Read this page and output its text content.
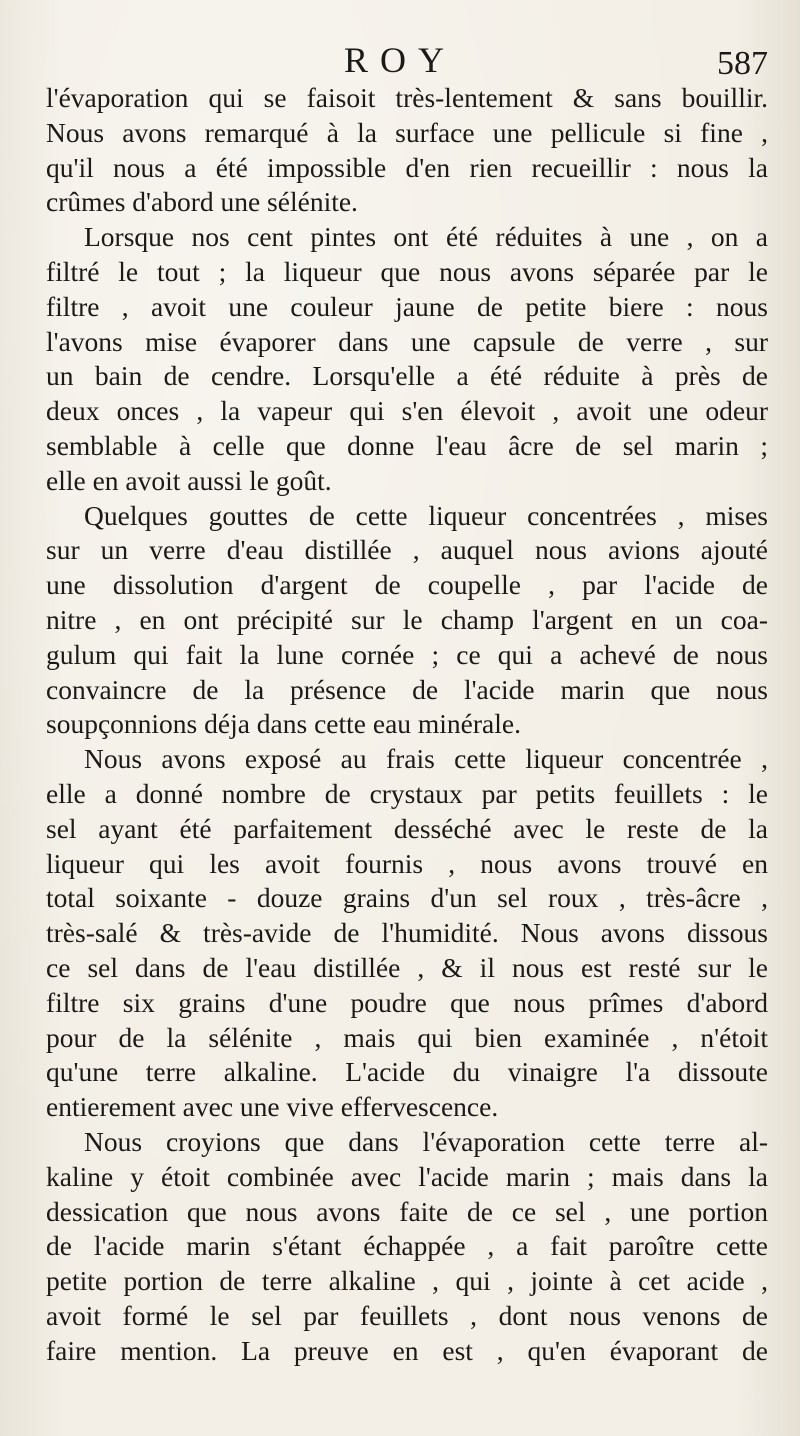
ROY	587
l'évaporation qui se faisoit très-lentement & sans bouillir.
Nous avons remarqué à la surface une pellicule si fine ,
qu'il nous a été impossible d'en rien recueillir : nous la
crûmes d'abord une sélénite.
Lorsque nos cent pintes ont été réduites à une , on a
filtré le tout ; la liqueur que nous avons séparée par le
filtre , avoit une couleur jaune de petite biere : nous
l'avons mise évaporer dans une capsule de verre , sur
un bain de cendre. Lorsqu'elle a été réduite à près de
deux onces , la vapeur qui s'en élevoit , avoit une odeur
semblable à celle que donne l'eau âcre de sel marin ;
elle en avoit aussi le goût.
Quelques gouttes de cette liqueur concentrées , mises
sur un verre d'eau distillée , auquel nous avions ajouté
une dissolution d'argent de coupelle , par l'acide de
nitre , en ont précipité sur le champ l'argent en un coa-
gulum qui fait la lune cornée ; ce qui a achevé de nous
convaincre de la présence de l'acide marin que nous
soupçonnions déja dans cette eau minérale.
Nous avons exposé au frais cette liqueur concentrée ,
elle a donné nombre de crystaux par petits feuillets : le
sel ayant été parfaitement desséché avec le reste de la
liqueur qui les avoit fournis , nous avons trouvé en
total soixante - douze grains d'un sel roux , très-âcre ,
très-salé & très-avide de l'humidité. Nous avons dissous
ce sel dans de l'eau distillée , & il nous est resté sur le
filtre six grains d'une poudre que nous prîmes d'abord
pour de la sélénite , mais qui bien examinée , n'étoit
qu'une terre alkaline. L'acide du vinaigre l'a dissoute
entierement avec une vive effervescence.
Nous croyions que dans l'évaporation cette terre al-
kaline y étoit combinée avec l'acide marin ; mais dans la
dessication que nous avons faite de ce sel , une portion
de l'acide marin s'étant échappée , a fait paroître cette
petite portion de terre alkaline , qui , jointe à cet acide ,
avoit formé le sel par feuillets , dont nous venons de
faire mention. La preuve en est , qu'en évaporant de
